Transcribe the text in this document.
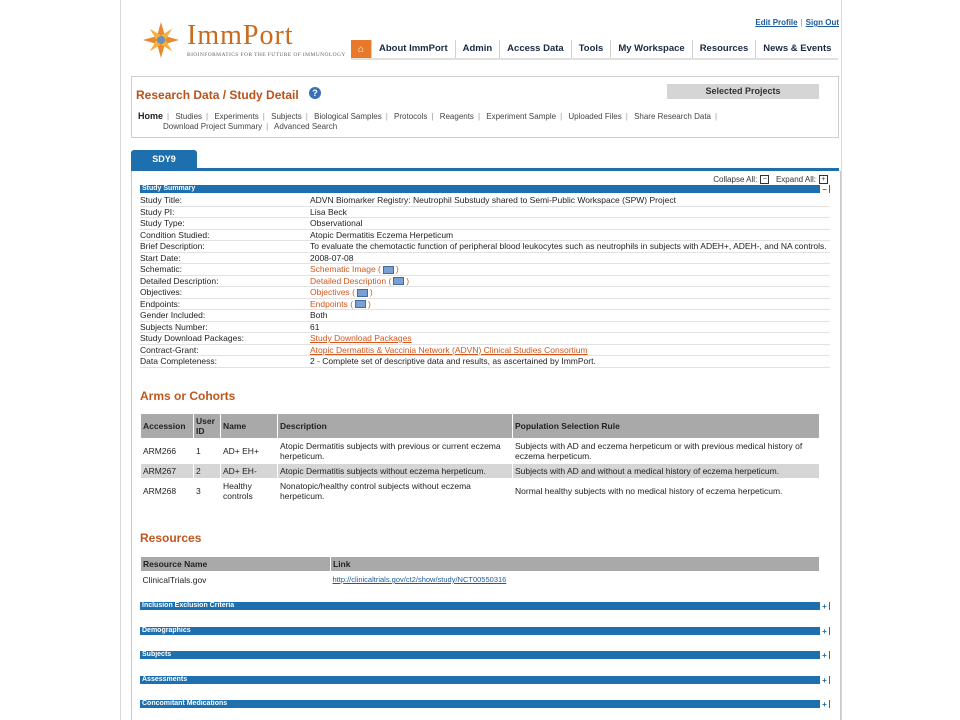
ImmPort
BIOINFORMATICS FOR THE FUTURE OF IMMUNOLOGY
Edit Profile | Sign Out
⌂	About ImmPort	Admin	Access Data	Tools	My Workspace	Resources	News & Events
Research Data / Study Detail	?	Selected Projects
Home | Studies | Experiments | Subjects | Biological Samples | Protocols | Reagents | Experiment Sample | Uploaded Files | Share Research Data |
Download Project Summary | Advanced Search
SDY9
Collapse All: − Expand All: +
Study Summary	−
Study Title:	ADVN Biomarker Registry: Neutrophil Substudy shared to Semi-Public Workspace (SPW) Project
Study PI:	Lisa Beck
Study Type:	Observational
Condition Studied:	Atopic Dermatitis Eczema Herpeticum
Brief Description:	To evaluate the chemotactic function of peripheral blood leukocytes such as neutrophils in subjects with ADEH+, ADEH-, and NA controls.
Start Date:	2008-07-08
Schematic:	Schematic Image ( )
Detailed Description:	Detailed Description ( )
Objectives:	Objectives ( )
Endpoints:	Endpoints ( )
Gender Included:	Both
Subjects Number:	61
Study Download Packages:	Study Download Packages
Contract-Grant:	Atopic Dermatitis & Vaccinia Network (ADVN) Clinical Studies Consortium
Data Completeness:	2 - Complete set of descriptive data and results, as ascertained by ImmPort.
Arms or Cohorts
Accession	User ID	Name	Description	Population Selection Rule
ARM266	1	AD+ EH+	Atopic Dermatitis subjects with previous or current eczema herpeticum.	Subjects with AD and eczema herpeticum or with previous medical history of eczema herpeticum.
ARM267	2	AD+ EH-	Atopic Dermatitis subjects without eczema herpeticum.	Subjects with AD and without a medical history of eczema herpeticum.
ARM268	3	Healthy controls	Nonatopic/healthy control subjects without eczema herpeticum.	Normal healthy subjects with no medical history of eczema herpeticum.
Resources
Resource Name	Link
ClinicalTrials.gov	http://clinicaltrials.gov/ct2/show/study/NCT00550316
Inclusion Exclusion Criteria	+
Demographics	+
Subjects	+
Assessments	+
Concomitant Medications	+
